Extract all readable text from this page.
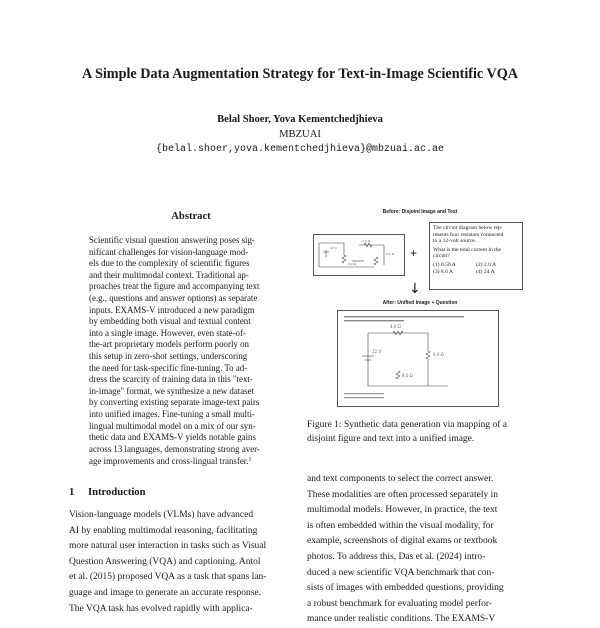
A Simple Data Augmentation Strategy for Text-in-Image Scientific VQA
Belal Shoer, Yova Kementchedjhieva
MBZUAI
{belal.shoer,yova.kementchedjhieva}@mbzuai.ac.ae
Abstract
Scientific visual question answering poses sig-
nificant challenges for vision-language mod-
els due to the complexity of scientific figures
and their multimodal context. Traditional ap-
proaches treat the figure and accompanying text
(e.g., questions and answer options) as separate
inputs. EXAMS-V introduced a new paradigm
by embedding both visual and textual content
into a single image. However, even state-of-
the-art proprietary models perform poorly on
this setup in zero-shot settings, underscoring
the need for task-specific fine-tuning. To ad-
dress the scarcity of training data in this "text-
in-image" format, we synthesize a new dataset
by converting existing separate image-text pairs
into unified images. Fine-tuning a small multi-
lingual multimodal model on a mix of our syn-
thetic data and EXAMS-V yields notable gains
across 13 languages, demonstrating strong aver-
age improvements and cross-lingual transfer.$^1$
1 Introduction
Vision-language models (VLMs) have advanced
AI by enabling multimodal reasoning, facilitating
more natural user interaction in tasks such as Visual
Question Answering (VQA) and captioning. Antol
et al. (2015) proposed VQA as a task that spans lan-
guage and image to generate an accurate response.
The VQA task has evolved rapidly with applica-
Before: Disjoint Image and Text
12 V
4.0 Ω
6.0 Ω
8.0 Ω
+
The circuit diagram below rep-
resents four resistors connected
to a 12-volt source.
What is the total current in the
circuit?
(1) 0.50 A	(2) 2.0 A
(3) 8.6 A	(4) 24 A
↓
After: Unified Image + Question
12 V
4.0 Ω
6.0 Ω
8.0 Ω
Figure 1: Synthetic data generation via mapping of a
disjoint figure and text into a unified image.
and text components to select the correct answer.
These modalities are often processed separately in
multimodal models. However, in practice, the text
is often embedded within the visual modality, for
example, screenshots of digital exams or textbook
photos. To address this, Das et al. (2024) intro-
duced a new scientific VQA benchmark that con-
sists of images with embedded questions, providing
a robust benchmark for evaluating model perfor-
mance under realistic conditions. The EXAMS-V
